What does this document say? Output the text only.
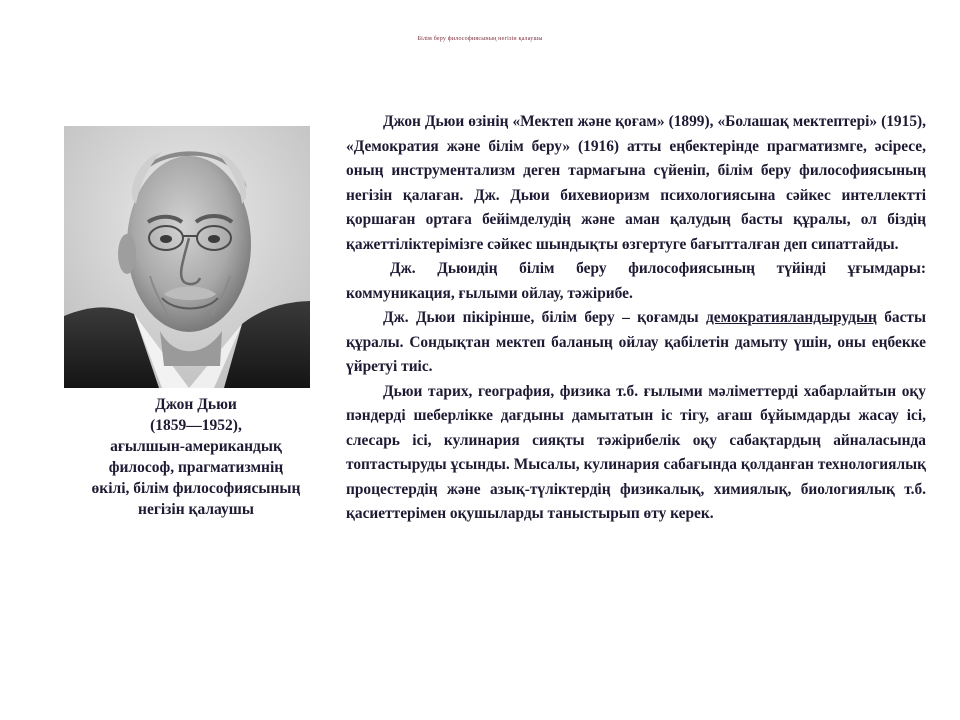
Білім беру философиясының негізін қалаушы
Джон Дьюи
(1859—1952),
ағылшын-американдық
философ, прагматизмнің
өкілі, білім философиясының
негізін қалаушы

Джон Дьюи өзінің «Мектеп және қоғам» (1899), «Болашақ мектептері» (1915), «Демократия және білім беру» (1916) атты еңбектерінде прагматизмге, әсіресе, оның инструментализм деген тармағына сүйеніп, білім беру философиясының негізін қалаған. Дж. Дьюи бихевиоризм психологиясына сәйкес интеллектті қоршаған ортаға бейімделудің және аман қалудың басты құралы, ол біздің қажеттіліктерімізге сәйкес шындықты өзгертуге бағытталған деп сипаттайды.

Дж. Дьюидің білім беру философиясының түйінді ұғымдары: коммуникация, ғылыми ойлау, тәжірибе.

Дж. Дьюи пікірінше, білім беру – қоғамды демократияландырудың басты құралы. Сондықтан мектеп баланың ойлау қабілетін дамыту үшін, оны еңбекке үйретуі тиіс.

Дьюи тарих, география, физика т.б. ғылыми мәліметтерді хабарлайтын оқу пәндерді шеберлікке дағдыны дамытатын іс тігу, ағаш бұйымдарды жасау ісі, слесарь ісі, кулинария сияқты тәжірибелік оқу сабақтардың айналасында топтастыруды ұсынды. Мысалы, кулинария сабағында қолданған технологиялық процестердің және азық-түліктердің физикалық, химиялық, биологиялық т.б. қасиеттерімен оқушыларды таныстырып өту керек.
